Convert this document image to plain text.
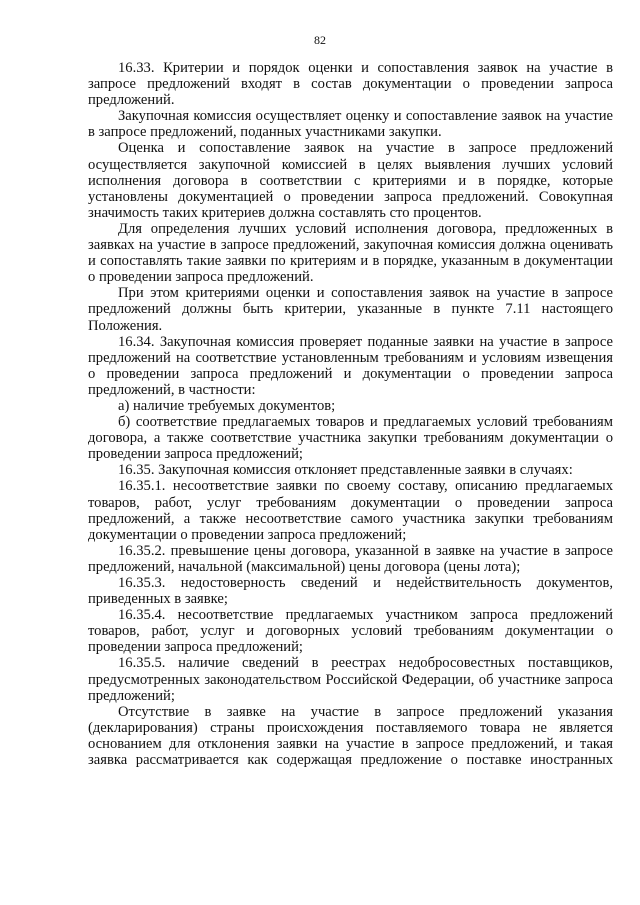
82

16.33. Критерии и порядок оценки и сопоставления заявок на участие в запросе предложений входят в состав документации о проведении запроса предложений.

Закупочная комиссия осуществляет оценку и сопоставление заявок на участие в запросе предложений, поданных участниками закупки.

Оценка и сопоставление заявок на участие в запросе предложений осуществляется закупочной комиссией в целях выявления лучших условий исполнения договора в соответствии с критериями и в порядке, которые установлены документацией о проведении запроса предложений. Совокупная значимость таких критериев должна составлять сто процентов.

Для определения лучших условий исполнения договора, предложенных в заявках на участие в запросе предложений, закупочная комиссия должна оценивать и сопоставлять такие заявки по критериям и в порядке, указанным в документации о проведении запроса предложений.

При этом критериями оценки и сопоставления заявок на участие в запросе предложений должны быть критерии, указанные в пункте 7.11 настоящего Положения.

16.34. Закупочная комиссия проверяет поданные заявки на участие в запросе предложений на соответствие установленным требованиям и условиям извещения о проведении запроса предложений и документации о проведении запроса предложений, в частности:

а) наличие требуемых документов;

б) соответствие предлагаемых товаров и предлагаемых условий требованиям договора, а также соответствие участника закупки требованиям документации о проведении запроса предложений;

16.35. Закупочная комиссия отклоняет представленные заявки в случаях:

16.35.1. несоответствие заявки по своему составу, описанию предлагаемых товаров, работ, услуг требованиям документации о проведении запроса предложений, а также несоответствие самого участника закупки требованиям документации о проведении запроса предложений;

16.35.2. превышение цены договора, указанной в заявке на участие в запросе предложений, начальной (максимальной) цены договора (цены лота);

16.35.3. недостоверность сведений и недействительность документов, приведенных в заявке;

16.35.4. несоответствие предлагаемых участником запроса предложений товаров, работ, услуг и договорных условий требованиям документации о проведении запроса предложений;

16.35.5. наличие сведений в реестрах недобросовестных поставщиков, предусмотренных законодательством Российской Федерации, об участнике запроса предложений;

Отсутствие в заявке на участие в запросе предложений указания (декларирования) страны происхождения поставляемого товара не является основанием для отклонения заявки на участие в запросе предложений, и такая заявка рассматривается как содержащая предложение о поставке иностранных
